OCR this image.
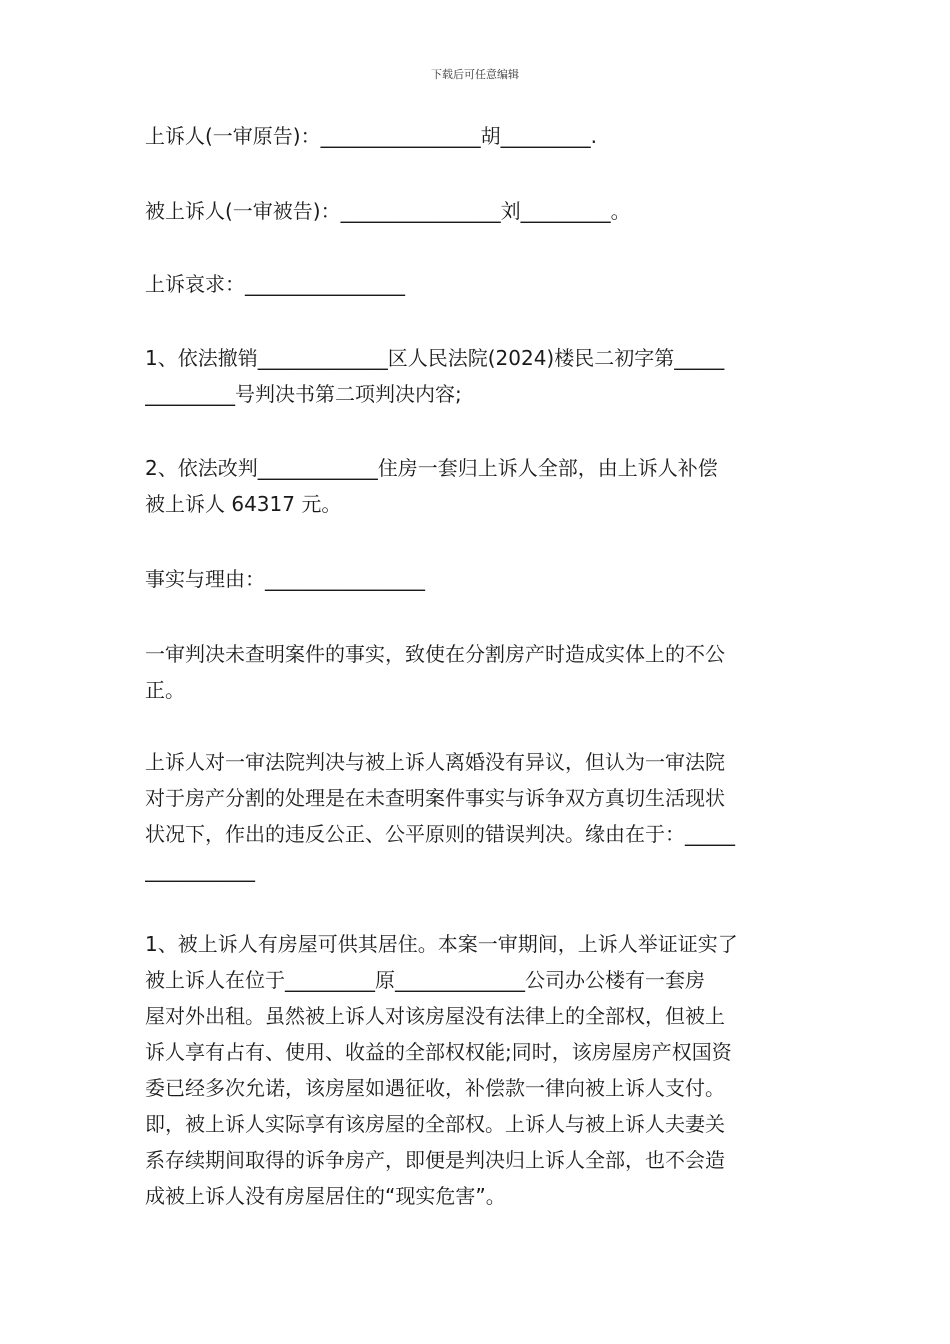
下载后可任意编辑
上诉人(一审原告)：________________胡_________.
被上诉人(一审被告)：________________刘_________。
上诉哀求：________________
1、依法撤销_____________区人民法院(2024)楼民二初字第_____
_________号判决书第二项判决内容;
2、依法改判____________住房一套归上诉人全部，由上诉人补偿
被上诉人 64317 元。
事实与理由：________________
一审判决未查明案件的事实，致使在分割房产时造成实体上的不公
正。
上诉人对一审法院判决与被上诉人离婚没有异议，但认为一审法院
对于房产分割的处理是在未查明案件事实与诉争双方真切生活现状
状况下，作出的违反公正、公平原则的错误判决。缘由在于：_____
___________
1、被上诉人有房屋可供其居住。本案一审期间，上诉人举证证实了
被上诉人在位于_________原_____________公司办公楼有一套房
屋对外出租。虽然被上诉人对该房屋没有法律上的全部权，但被上
诉人享有占有、使用、收益的全部权权能;同时，该房屋房产权国资
委已经多次允诺，该房屋如遇征收，补偿款一律向被上诉人支付。
即，被上诉人实际享有该房屋的全部权。上诉人与被上诉人夫妻关
系存续期间取得的诉争房产，即便是判决归上诉人全部，也不会造
成被上诉人没有房屋居住的“现实危害”。
